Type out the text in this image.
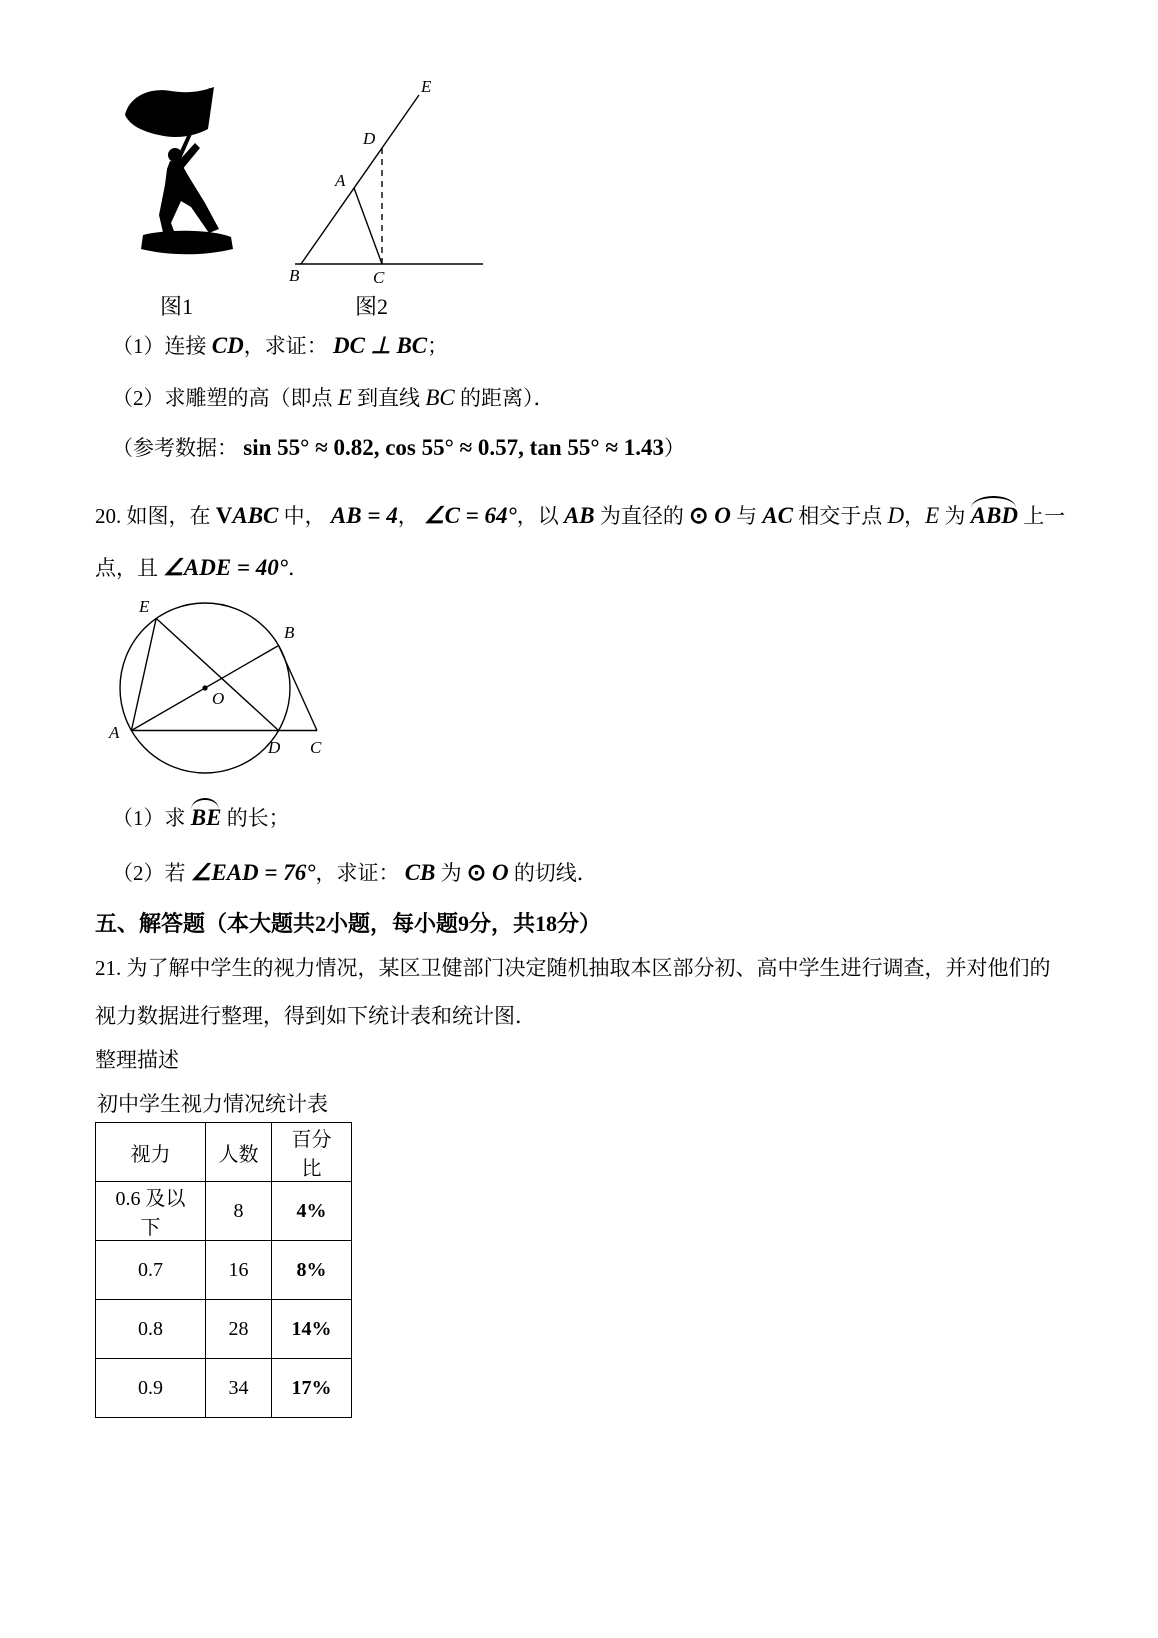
E
D
A
B	C
图1	图2
（1）连接 CD，求证： DC ⊥ BC；
（2）求雕塑的高（即点 E 到直线 BC 的距离）．
（参考数据： sin 55° ≈ 0.82, cos 55° ≈ 0.57, tan 55° ≈ 1.43）
20. 如图，在 VABC 中， AB = 4， ∠C = 64°，以 AB 为直径的 ⊙ O 与 AC 相交于点 D，E 为 ABD 上一
点，且 ∠ADE = 40°．
E
B
O
A
D C
（1）求 BE 的长；
（2）若 ∠EAD = 76°，求证： CB 为 ⊙ O 的切线．
五、解答题（本大题共2小题，每小题9分，共18分）
21. 为了解中学生的视力情况，某区卫健部门决定随机抽取本区部分初、高中学生进行调查，并对他们的
视力数据进行整理，得到如下统计表和统计图．
整理描述
初中学生视力情况统计表
视力	人数	百分比
0.6 及以下	8	4%
0.7	16	8%
0.8	28	14%
0.9	34	17%
